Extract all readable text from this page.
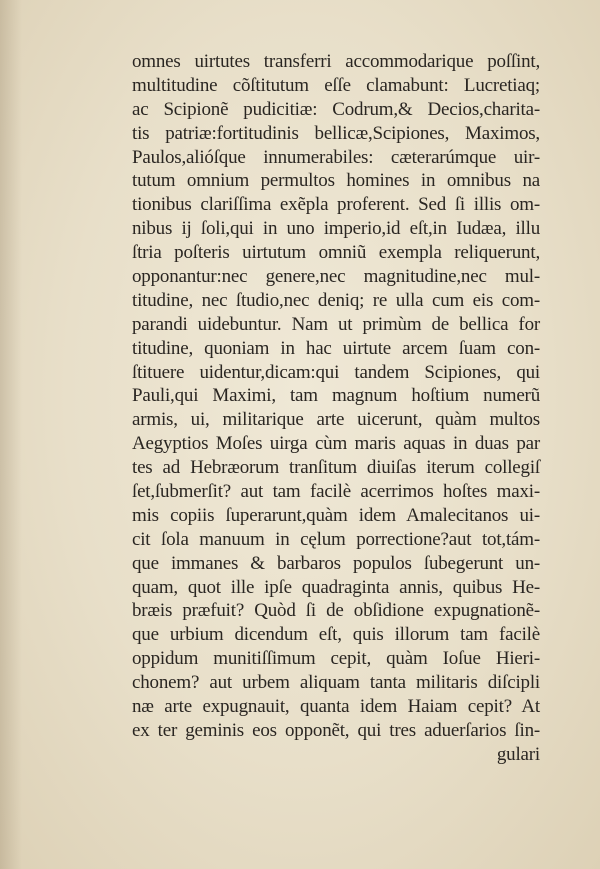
omnes uirtutes transferri accommodarique poſſint,
multitudine cõſtitutum eſſe clamabunt: Lucretiaq;
ac Scipionẽ pudicitiæ: Codrum,& Decios,charita-
tis patriæ:fortitudinis bellicæ,Scipiones, Maximos,
Paulos,alióſque innumerabiles: cæterarúmque uir-
tutum omnium permultos homines in omnibus na
tionibus clariſſima exẽpla proferent. Sed ſi illis om-
nibus ij ſoli,qui in uno imperio,id eſt,in Iudæa, illu
ſtria poſteris uirtutum omniũ exempla reliquerunt,
opponantur:nec genere,nec magnitudine,nec mul-
titudine, nec ſtudio,nec deniq; re ulla cum eis com-
parandi uidebuntur. Nam ut primùm de bellica for
titudine, quoniam in hac uirtute arcem ſuam con-
ſtituere uidentur,dicam:qui tandem Scipiones, qui
Pauli,qui Maximi, tam magnum hoſtium numerũ
armis, ui, militarique arte uicerunt, quàm multos
Aegyptios Moſes uirga cùm maris aquas in duas par
tes ad Hebræorum tranſitum diuiſas iterum collegiſ
ſet,ſubmerſit? aut tam facilè acerrimos hoſtes maxi-
mis copiis ſuperarunt,quàm idem Amalecitanos ui-
cit ſola manuum in cęlum porrectione?aut tot,tám-
que immanes & barbaros populos ſubegerunt un-
quam, quot ille ipſe quadraginta annis, quibus He-
bræis præfuit? Quòd ſi de obſidione expugnationẽ-
que urbium dicendum eſt, quis illorum tam facilè
oppidum munitiſſimum cepit, quàm Ioſue Hieri-
chonem? aut urbem aliquam tanta militaris diſcipli
næ arte expugnauit, quanta idem Haiam cepit? At
ex ter geminis eos opponẽt, qui tres aduerſarios ſin-
gulari
